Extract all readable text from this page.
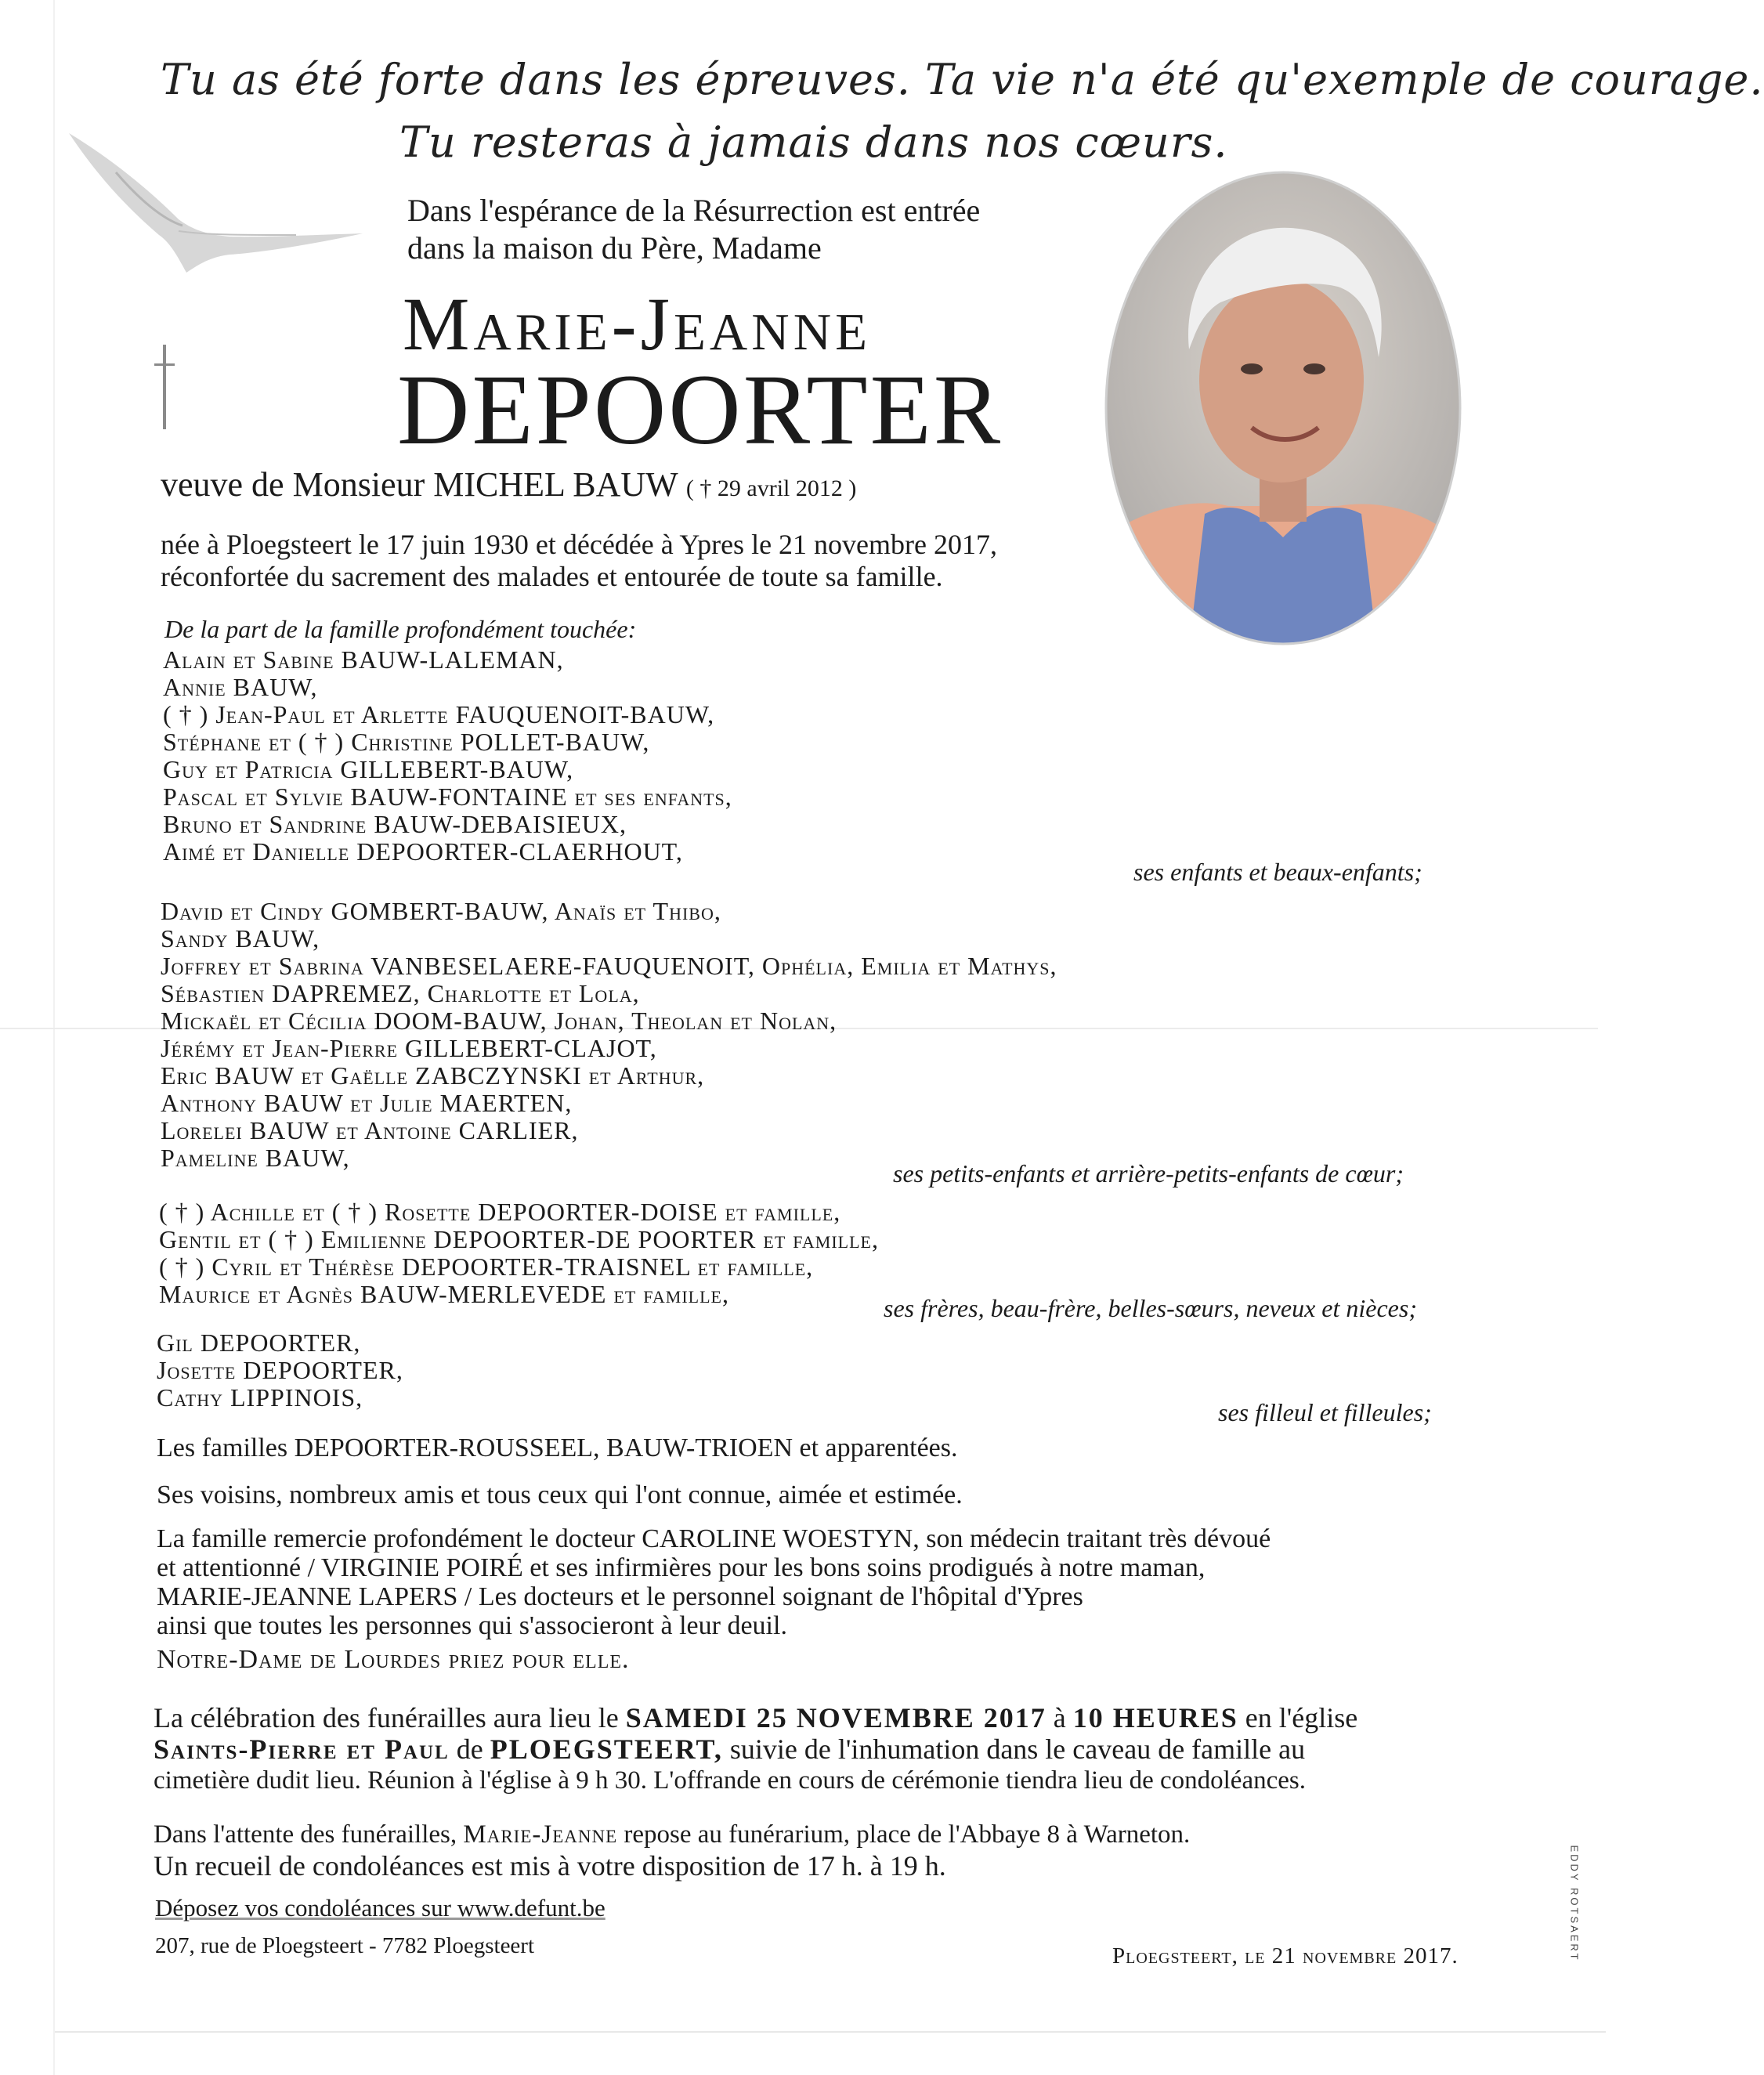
Tu as été forte dans les épreuves. Ta vie n'a été qu'exemple de courage.
Tu resteras à jamais dans nos cœurs.
Dans l'espérance de la Résurrection est entrée
dans la maison du Père, Madame
Marie-Jeanne
DEPOORTER
veuve de Monsieur MICHEL BAUW ( † 29 avril 2012 )
née à Ploegsteert le 17 juin 1930 et décédée à Ypres le 21 novembre 2017,
réconfortée du sacrement des malades et entourée de toute sa famille.
De la part de la famille profondément touchée:
Alain et Sabine BAUW-LALEMAN,
Annie BAUW,
( † ) Jean-Paul et Arlette FAUQUENOIT-BAUW,
Stéphane et ( † ) Christine POLLET-BAUW,
Guy et Patricia GILLEBERT-BAUW,
Pascal et Sylvie BAUW-FONTAINE et ses enfants,
Bruno et Sandrine BAUW-DEBAISIEUX,
Aimé et Danielle DEPOORTER-CLAERHOUT,
ses enfants et beaux-enfants;
David et Cindy GOMBERT-BAUW, Anaïs et Thibo,
Sandy BAUW,
Joffrey et Sabrina VANBESELAERE-FAUQUENOIT, Ophélia, Emilia et Mathys,
Sébastien DAPREMEZ, Charlotte et Lola,
Mickaël et Cécilia DOOM-BAUW, Johan, Theolan et Nolan,
Jérémy et Jean-Pierre GILLEBERT-CLAJOT,
Eric BAUW et Gaëlle ZABCZYNSKI et Arthur,
Anthony BAUW et Julie MAERTEN,
Lorelei BAUW et Antoine CARLIER,
Pameline BAUW,
ses petits-enfants et arrière-petits-enfants de cœur;
( † ) Achille et ( † ) Rosette DEPOORTER-DOISE et famille,
Gentil et ( † ) Emilienne DEPOORTER-DE POORTER et famille,
( † ) Cyril et Thérèse DEPOORTER-TRAISNEL et famille,
Maurice et Agnès BAUW-MERLEVEDE et famille,	ses frères, beau-frère, belles-sœurs, neveux et nièces;
Gil DEPOORTER,
Josette DEPOORTER,
Cathy LIPPINOIS,
ses filleul et filleules;
Les familles DEPOORTER-ROUSSEEL, BAUW-TRIOEN et apparentées.
Ses voisins, nombreux amis et tous ceux qui l'ont connue, aimée et estimée.
La famille remercie profondément le docteur CAROLINE WOESTYN, son médecin traitant très dévoué
et attentionné / VIRGINIE POIRÉ et ses infirmières pour les bons soins prodigués à notre maman,
MARIE-JEANNE LAPERS / Les docteurs et le personnel soignant de l'hôpital d'Ypres
ainsi que toutes les personnes qui s'associeront à leur deuil.
Notre-Dame de Lourdes priez pour elle.
La célébration des funérailles aura lieu le SAMEDI 25 NOVEMBRE 2017 à 10 HEURES en l'église
Saints-Pierre et Paul de PLOEGSTEERT, suivie de l'inhumation dans le caveau de famille au
cimetière dudit lieu. Réunion à l'église à 9 h 30. L'offrande en cours de cérémonie tiendra lieu de condoléances.
Dans l'attente des funérailles, Marie-Jeanne repose au funérarium, place de l'Abbaye 8 à Warneton.
Un recueil de condoléances est mis à votre disposition de 17 h. à 19 h.
Déposez vos condoléances sur www.defunt.be
207, rue de Ploegsteert - 7782 Ploegsteert	Ploegsteert, le 21 novembre 2017.	EDDY ROTSAERT
